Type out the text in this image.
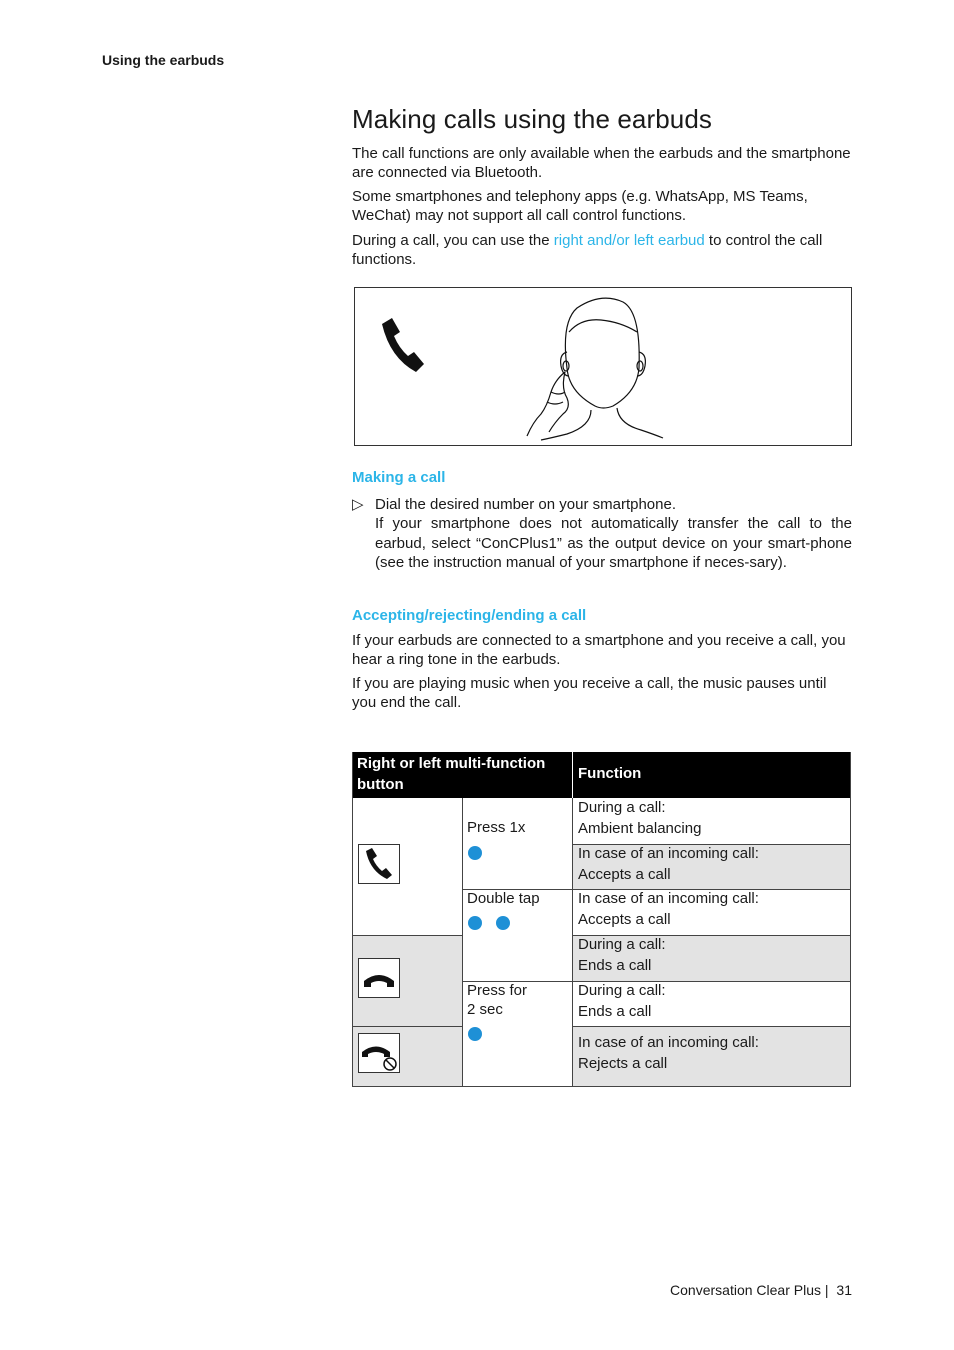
Using the earbuds
Making calls using the earbuds

The call functions are only available when the earbuds and the smartphone are connected via Bluetooth.

Some smartphones and telephony apps (e.g. WhatsApp, MS Teams, WeChat) may not support all call control functions.

During a call, you can use the right and/or left earbud to control the call functions.

Making a call
▷ Dial the desired number on your smartphone.
If your smartphone does not automatically transfer the call to the earbud, select “ConCPlus1” as the output device on your smart-phone (see the instruction manual of your smartphone if neces-sary).
Accepting/rejecting/ending a call

If your earbuds are connected to a smartphone and you receive a call, you hear a ring tone in the earbuds.

If you are playing music when you receive a call, the music pauses until you end the call.

Right or left multi-function button
Function
Press 1x
Double tap
Press for
2 sec
During a call:
Ambient balancing
In case of an incoming call:
Accepts a call
In case of an incoming call:
Accepts a call
During a call:
Ends a call
During a call:
Ends a call
In case of an incoming call:
Rejects a call
Conversation Clear Plus | 31
